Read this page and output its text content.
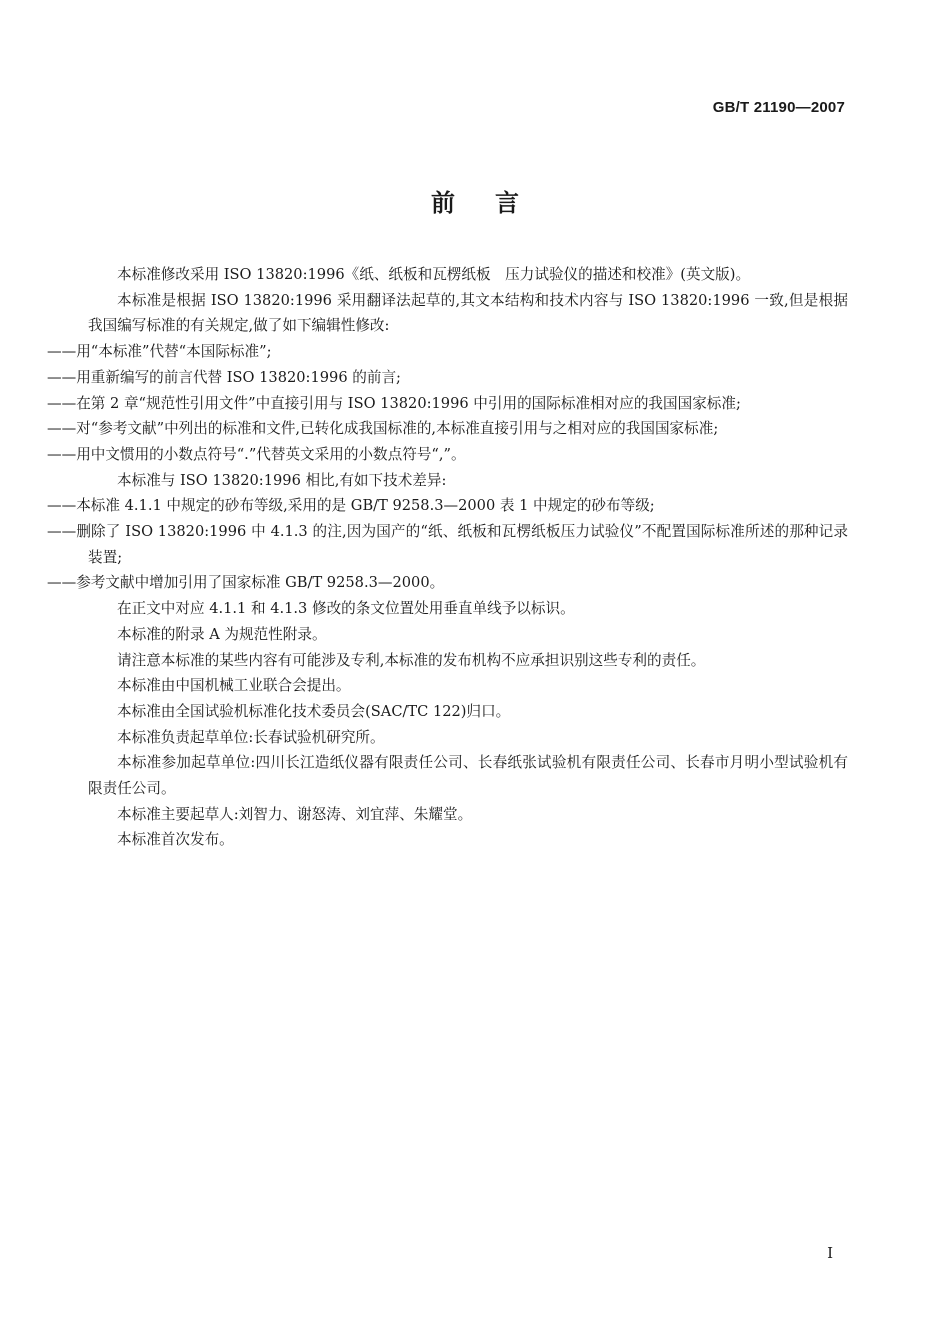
GB/T 21190—2007
前言

本标准修改采用 ISO 13820:1996《纸、纸板和瓦楞纸板　压力试验仪的描述和校准》(英文版)。

本标准是根据 ISO 13820:1996 采用翻译法起草的,其文本结构和技术内容与 ISO 13820:1996 一致,但是根据我国编写标准的有关规定,做了如下编辑性修改:

——用“本标准”代替“本国际标准”;

——用重新编写的前言代替 ISO 13820:1996 的前言;

——在第 2 章“规范性引用文件”中直接引用与 ISO 13820:1996 中引用的国际标准相对应的我国国家标准;

——对“参考文献”中列出的标准和文件,已转化成我国标准的,本标准直接引用与之相对应的我国国家标准;

——用中文惯用的小数点符号“.”代替英文采用的小数点符号“,”。

本标准与 ISO 13820:1996 相比,有如下技术差异:

——本标准 4.1.1 中规定的砂布等级,采用的是 GB/T 9258.3—2000 表 1 中规定的砂布等级;

——删除了 ISO 13820:1996 中 4.1.3 的注,因为国产的“纸、纸板和瓦楞纸板压力试验仪”不配置国际标准所述的那种记录装置;

——参考文献中增加引用了国家标准 GB/T 9258.3—2000。

在正文中对应 4.1.1 和 4.1.3 修改的条文位置处用垂直单线予以标识。

本标准的附录 A 为规范性附录。

请注意本标准的某些内容有可能涉及专利,本标准的发布机构不应承担识别这些专利的责任。

本标准由中国机械工业联合会提出。

本标准由全国试验机标准化技术委员会(SAC/TC 122)归口。

本标准负责起草单位:长春试验机研究所。

本标准参加起草单位:四川长江造纸仪器有限责任公司、长春纸张试验机有限责任公司、长春市月明小型试验机有限责任公司。

本标准主要起草人:刘智力、谢怒涛、刘宜萍、朱耀堂。

本标准首次发布。

I
